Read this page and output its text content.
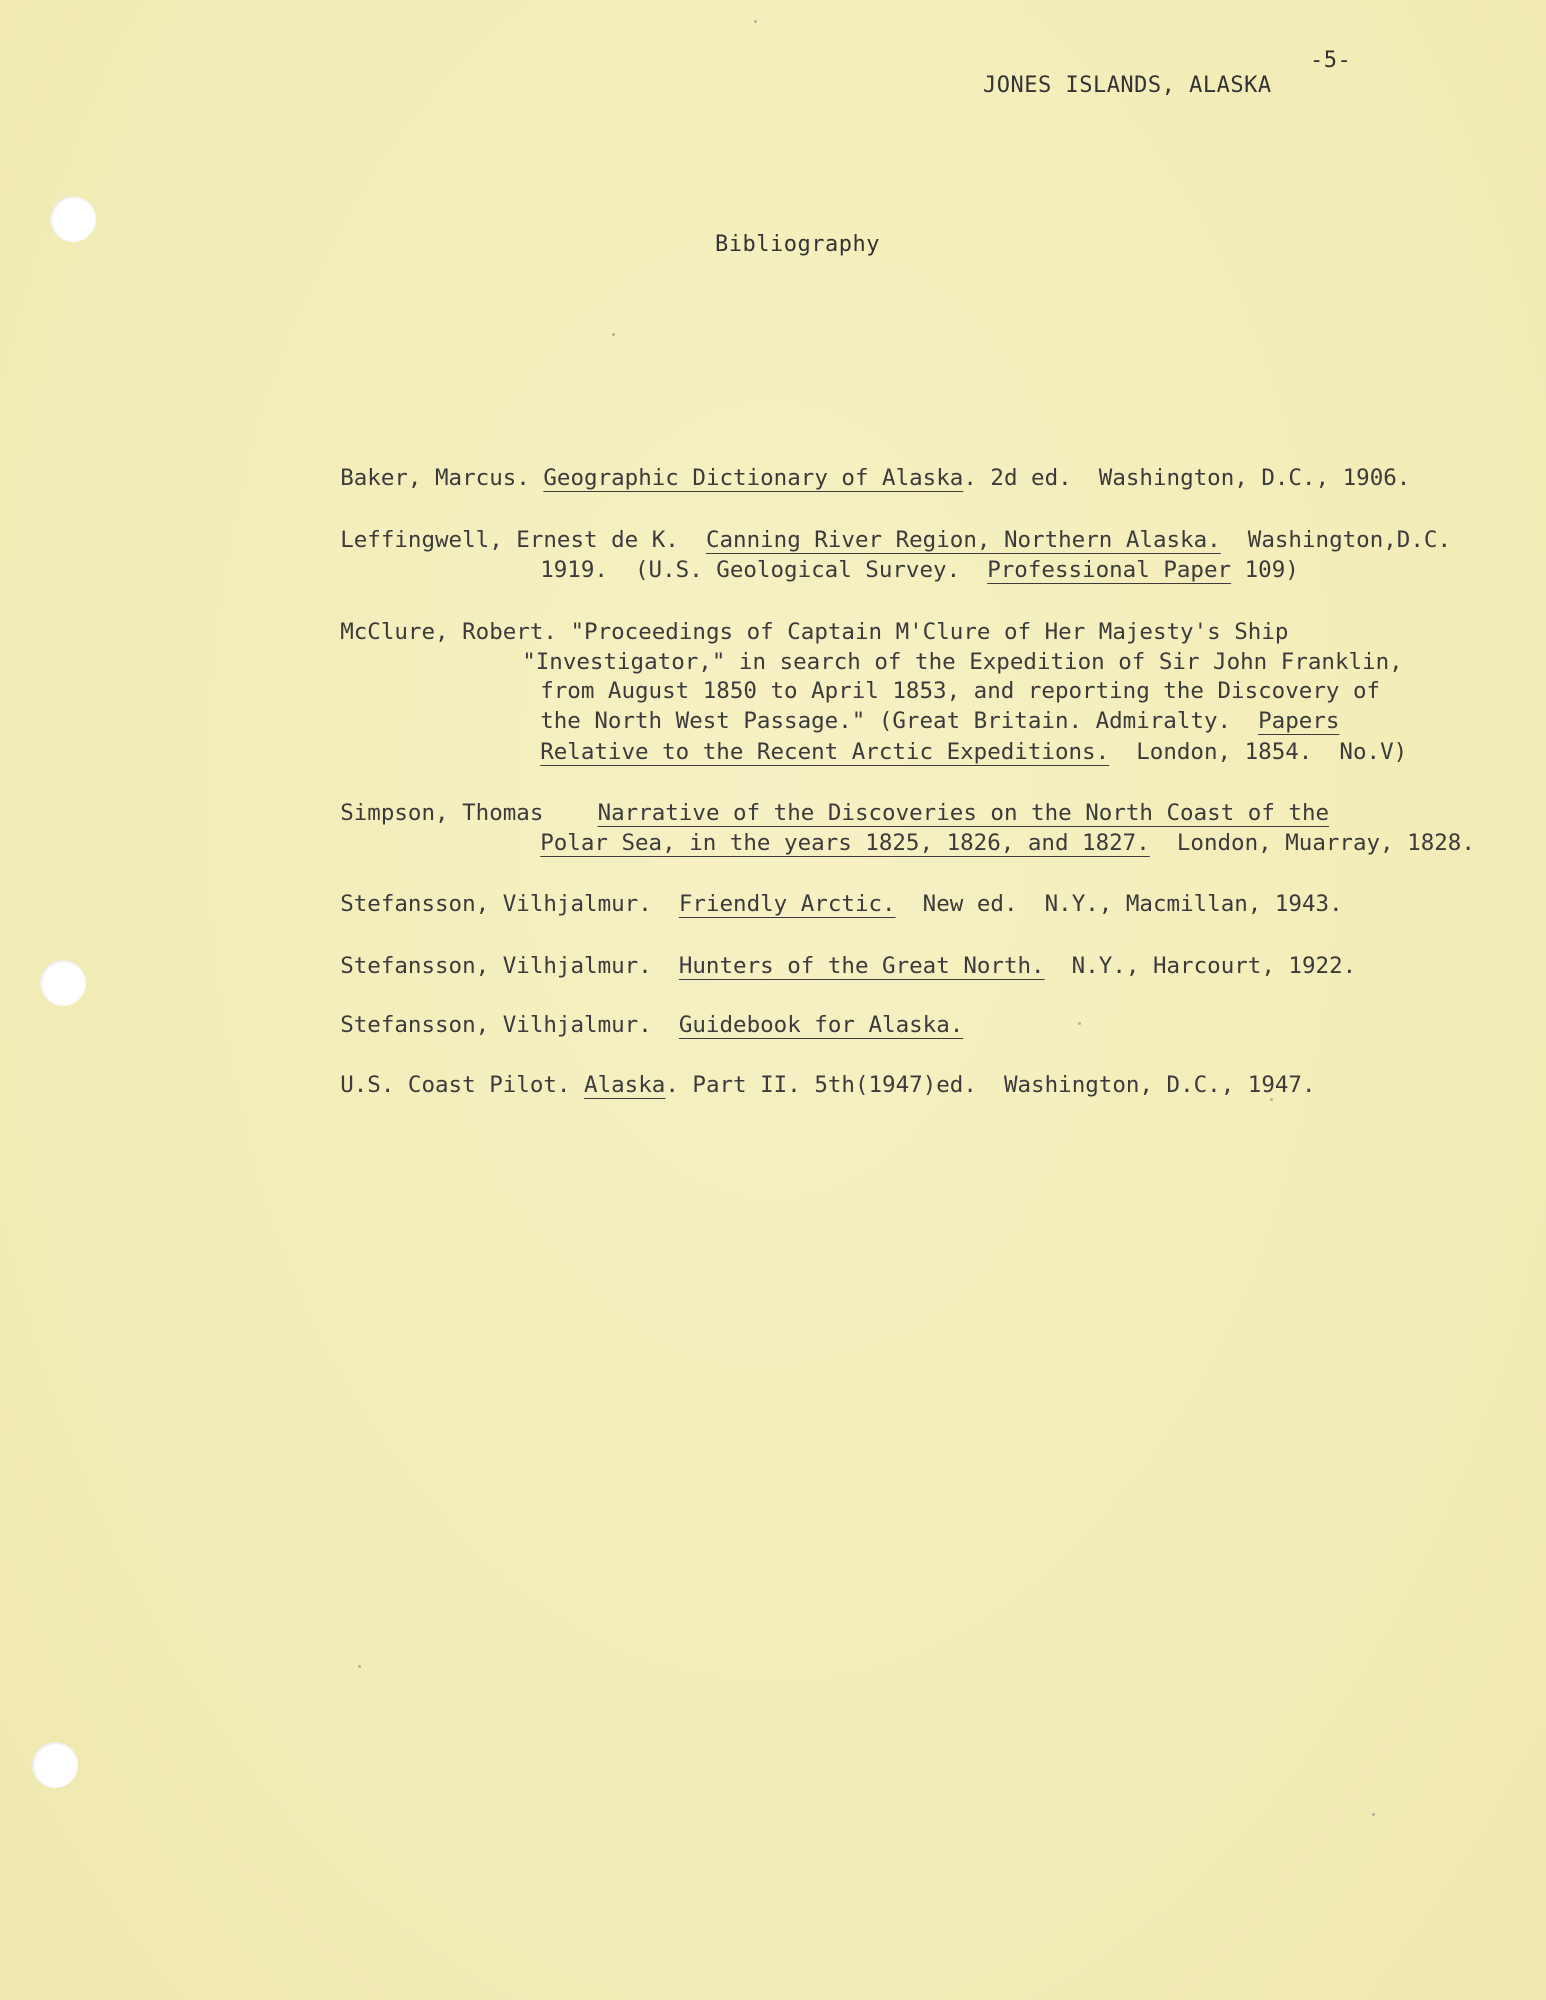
JONES ISLANDS, ALASKA

-5-

Bibliography

Baker, Marcus. Geographic Dictionary of Alaska. 2d ed.  Washington, D.C., 1906.

Leffingwell, Ernest de K. Canning River Region, Northern Alaska.  Washington,D.C.

1919.  (U.S. Geological Survey.  Professional Paper 109)

McClure, Robert. "Proceedings of Captain M'Clure of Her Majesty's Ship

"Investigator," in search of the Expedition of Sir John Franklin,

from August 1850 to April 1853, and reporting the Discovery of

the North West Passage." (Great Britain. Admiralty.  Papers

Relative to the Recent Arctic Expeditions.  London, 1854.  No.V)

Simpson, Thomas Narrative of the Discoveries on the North Coast of the

Polar Sea, in the years 1825, 1826, and 1827.  London, Muarray, 1828.

Stefansson, Vilhjalmur. Friendly Arctic.  New ed.  N.Y., Macmillan, 1943.

Stefansson, Vilhjalmur. Hunters of the Great North.  N.Y., Harcourt, 1922.

Stefansson, Vilhjalmur. Guidebook for Alaska.

U.S. Coast Pilot. Alaska. Part II. 5th(1947)ed.  Washington, D.C., 1947.
